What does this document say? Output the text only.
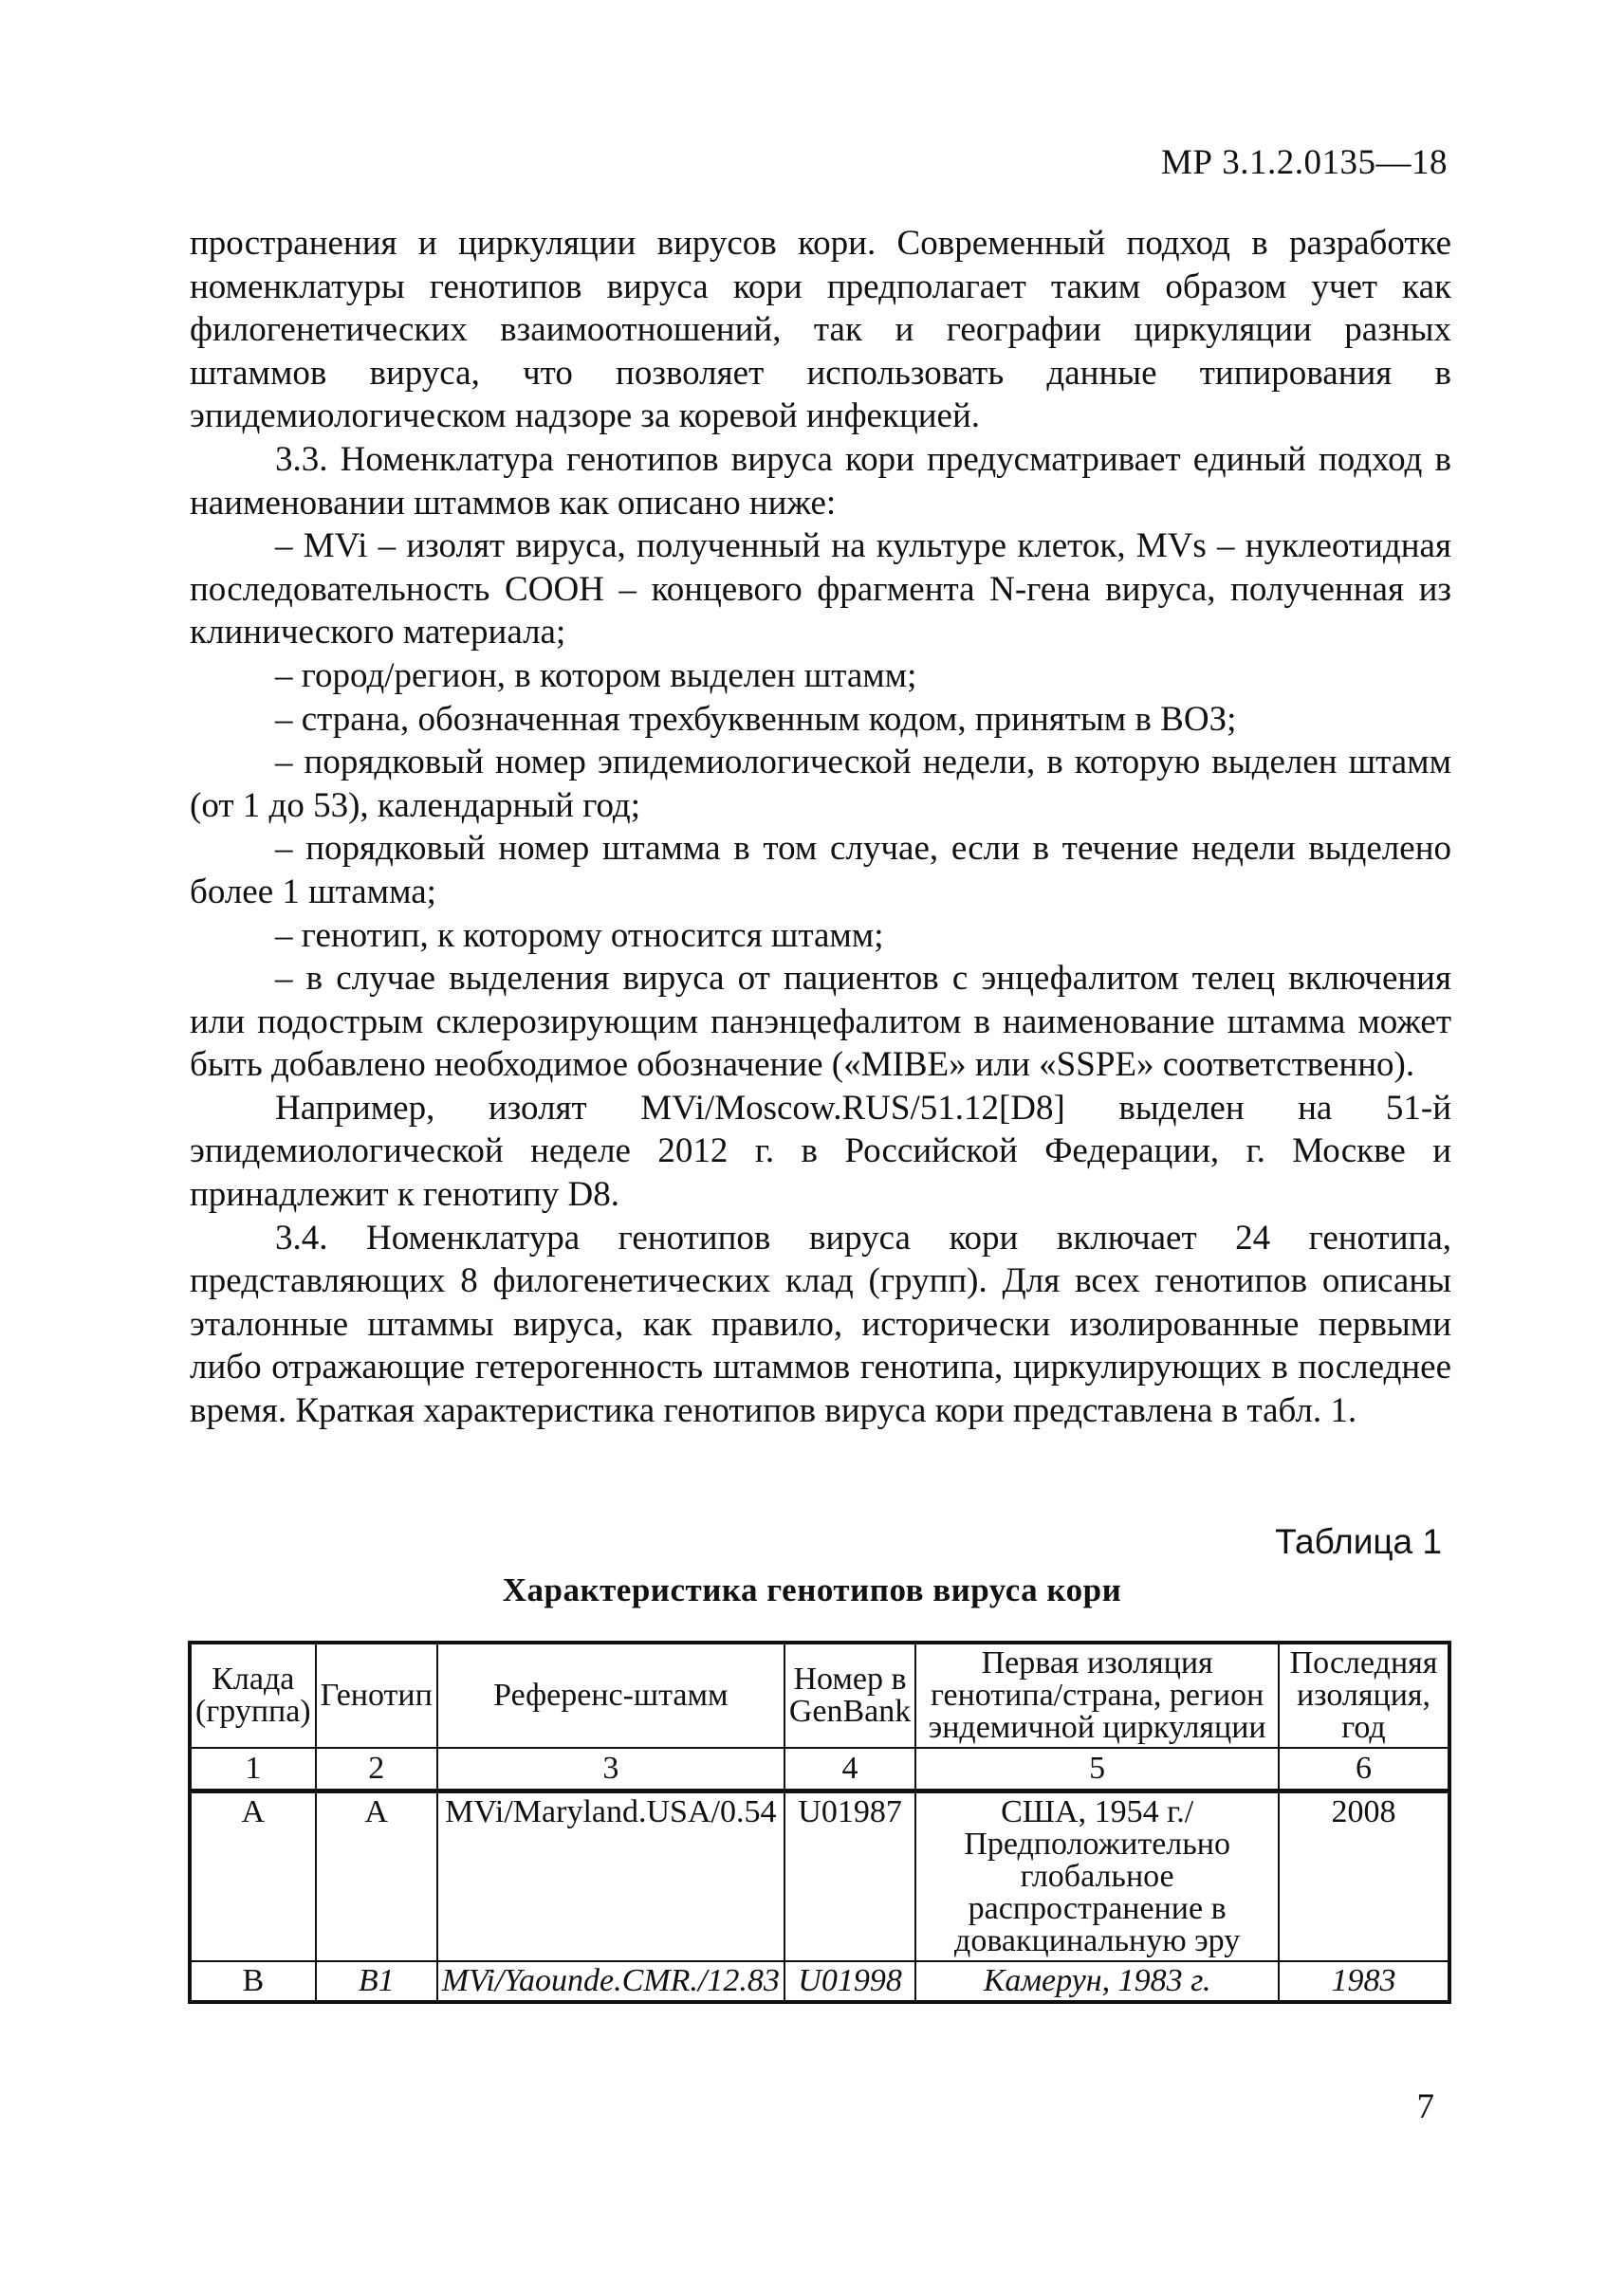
МР 3.1.2.0135—18

пространения и циркуляции вирусов кори. Современный подход в разработке номенклатуры генотипов вируса кори предполагает таким образом учет как филогенетических взаимоотношений, так и географии циркуляции разных штаммов вируса, что позволяет использовать данные типирования в эпидемиологическом надзоре за коревой инфекцией.

3.3. Номенклатура генотипов вируса кори предусматривает единый подход в наименовании штаммов как описано ниже:

– MVi – изолят вируса, полученный на культуре клеток, MVs – нуклеотидная последовательность СООН – концевого фрагмента N-гена вируса, полученная из клинического материала;

– город/регион, в котором выделен штамм;

– страна, обозначенная трехбуквенным кодом, принятым в ВОЗ;

– порядковый номер эпидемиологической недели, в которую выделен штамм (от 1 до 53), календарный год;

– порядковый номер штамма в том случае, если в течение недели выделено более 1 штамма;

– генотип, к которому относится штамм;

– в случае выделения вируса от пациентов с энцефалитом телец включения или подострым склерозирующим панэнцефалитом в наименование штамма может быть добавлено необходимое обозначение («MIBE» или «SSPE» соответственно).

Например, изолят MVi/Moscow.RUS/51.12[D8] выделен на 51-й эпидемиологической неделе 2012 г. в Российской Федерации, г. Москве и принадлежит к генотипу D8.

3.4. Номенклатура генотипов вируса кори включает 24 генотипа, представляющих 8 филогенетических клад (групп). Для всех генотипов описаны эталонные штаммы вируса, как правило, исторически изолированные первыми либо отражающие гетерогенность штаммов генотипа, циркулирующих в последнее время. Краткая характеристика генотипов вируса кори представлена в табл. 1.

Таблица 1
Характеристика генотипов вируса кори
Клада (группа)	Генотип	Референс-штамм	Номер в GenBank	Первая изоляция генотипа/страна, регион эндемичной циркуляции	Последняя изоляция, год
1	2	3	4	5	6
A	A	MVi/Maryland.USA/0.54	U01987	США, 1954 г./ Предположительно глобальное распространение в довакцинальную эру	2008
B	B1	MVi/Yaounde.CMR./12.83	U01998	Камерун, 1983 г.	1983
7
